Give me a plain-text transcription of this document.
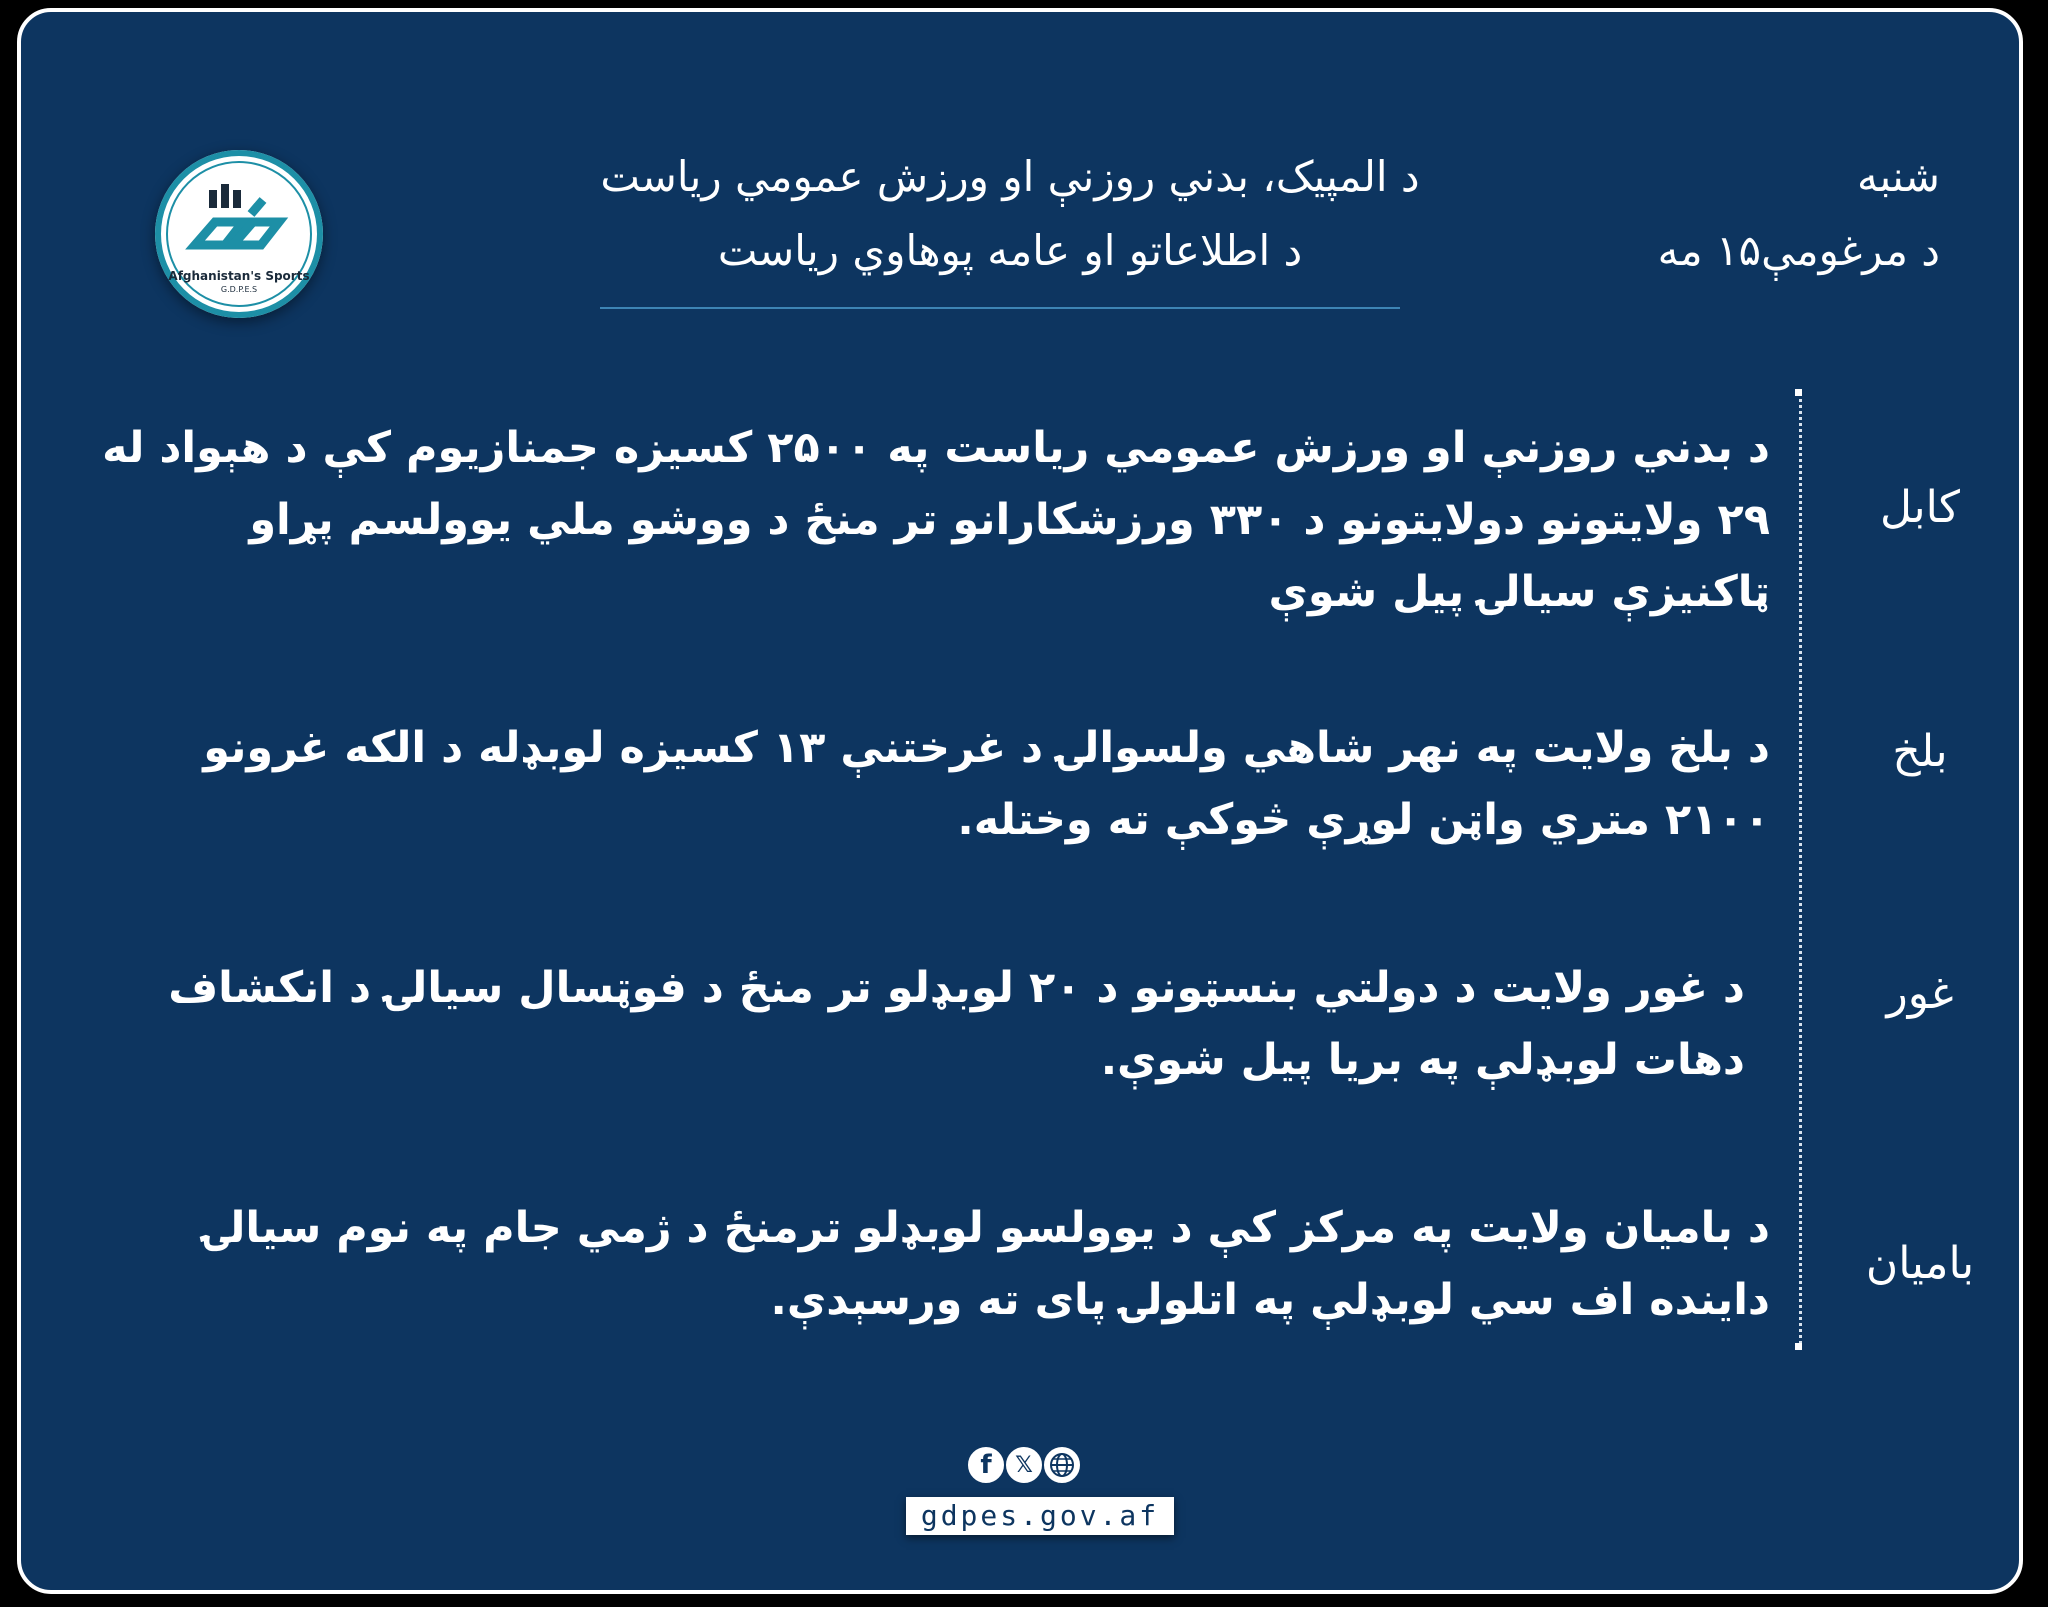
Afghanistan's Sports
G.D.P.E.S
د المپیک، بدني روزنې او ورزش عمومي ریاست
د اطلاعاتو او عامه پوهاوي ریاست
شنبه
د مرغومې۱۵ مه
د بدني روزنې او ورزش عمومي ریاست په ۲۵۰۰ کسیزه جمنازیوم کې د هېواد له ۲۹ ولایتونو دولایتونو د ۳۳۰ ورزشکارانو تر منځ د ووشو ملي یوولسم پړاو ټاکنیزې سیالۍ پیل شوې
کابل
د بلخ ولایت په نهر شاهي ولسوالۍ د غرختنې ۱۳ کسیزه لوبډله د الکه غرونو ۲۱۰۰ متري واټن لوړې څوکې ته وختله.
بلخ
د غور ولایت د دولتي بنسټونو د ۲۰ لوبډلو تر منځ د فوټسال سیالۍ د انکشاف دهات لوبډلې په بریا پیل شوې.
غور
د بامیان ولایت په مرکز کې د یوولسو لوبډلو ترمنځ د ژمي جام په نوم سیالۍ داینده اف سي لوبډلې په اتلولۍ پای ته ورسېدې.
بامیان
f	𝕏
gdpes.gov.af
